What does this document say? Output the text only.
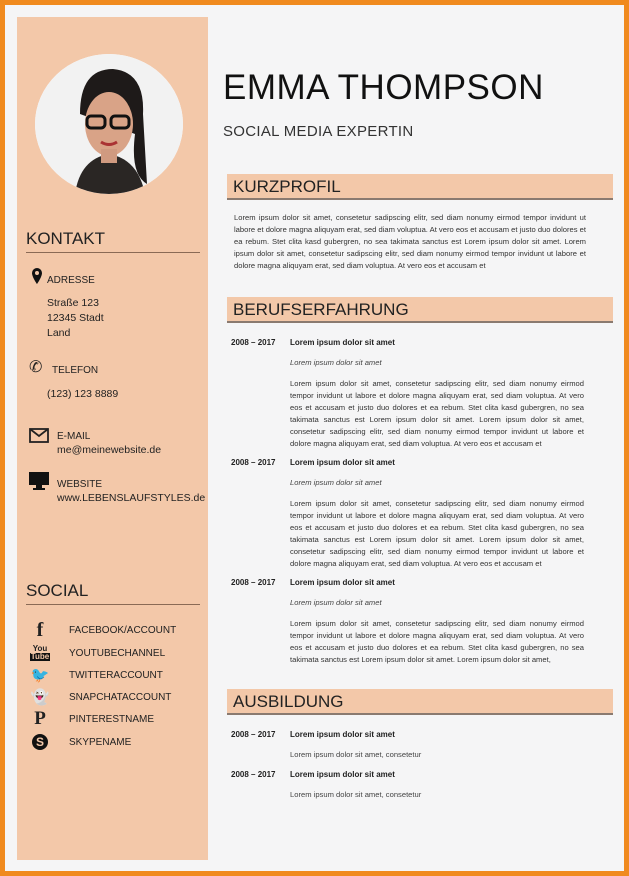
KONTAKT
ADRESSE
Straße 123
12345 Stadt
Land
✆ TELEFON
(123) 123 8889
E-MAIL
me@meinewebsite.de
WEBSITE
www.LEBENSLAUFSTYLES.de
SOCIAL
f	FACEBOOK/ACCOUNT
You
Tube YOUTUBECHANNEL
🐦 TWITTERACCOUNT
👻 SNAPCHATACCOUNT
P	PINTERESTNAME
S	SKYPENAME
EMMA THOMPSON
SOCIAL MEDIA EXPERTIN
KURZPROFIL
Lorem ipsum dolor sit amet, consetetur sadipscing elitr, sed diam nonumy eirmod tempor invidunt ut labore et dolore magna aliquyam erat, sed diam voluptua. At vero eos et accusam et justo duo dolores et ea rebum. Stet clita kasd gubergren, no sea takimata sanctus est Lorem ipsum dolor sit amet. Lorem ipsum dolor sit amet, consetetur sadipscing elitr, sed diam nonumy eirmod tempor invidunt ut labore et dolore magna aliquyam erat, sed diam voluptua. At vero eos et accusam et
BERUFSERFAHRUNG
2008 – 2017 Lorem ipsum dolor sit amet
Lorem ipsum dolor sit amet
Lorem ipsum dolor sit amet, consetetur sadipscing elitr, sed diam nonumy eirmod tempor invidunt ut labore et dolore magna aliquyam erat, sed diam voluptua. At vero eos et accusam et justo duo dolores et ea rebum. Stet clita kasd gubergren, no sea takimata sanctus est Lorem ipsum dolor sit amet. Lorem ipsum dolor sit amet, consetetur sadipscing elitr, sed diam nonumy eirmod tempor invidunt ut labore et dolore magna aliquyam erat, sed diam voluptua. At vero eos et accusam et
2008 – 2017 Lorem ipsum dolor sit amet
Lorem ipsum dolor sit amet
Lorem ipsum dolor sit amet, consetetur sadipscing elitr, sed diam nonumy eirmod tempor invidunt ut labore et dolore magna aliquyam erat, sed diam voluptua. At vero eos et accusam et justo duo dolores et ea rebum. Stet clita kasd gubergren, no sea takimata sanctus est Lorem ipsum dolor sit amet. Lorem ipsum dolor sit amet, consetetur sadipscing elitr, sed diam nonumy eirmod tempor invidunt ut labore et dolore magna aliquyam erat, sed diam voluptua. At vero eos et accusam et
2008 – 2017 Lorem ipsum dolor sit amet
Lorem ipsum dolor sit amet
Lorem ipsum dolor sit amet, consetetur sadipscing elitr, sed diam nonumy eirmod tempor invidunt ut labore et dolore magna aliquyam erat, sed diam voluptua. At vero eos et accusam et justo duo dolores et ea rebum. Stet clita kasd gubergren, no sea takimata sanctus est Lorem ipsum dolor sit amet. Lorem ipsum dolor sit amet,
AUSBILDUNG
2008 – 2017 Lorem ipsum dolor sit amet
Lorem ipsum dolor sit amet, consetetur
2008 – 2017 Lorem ipsum dolor sit amet
Lorem ipsum dolor sit amet, consetetur
